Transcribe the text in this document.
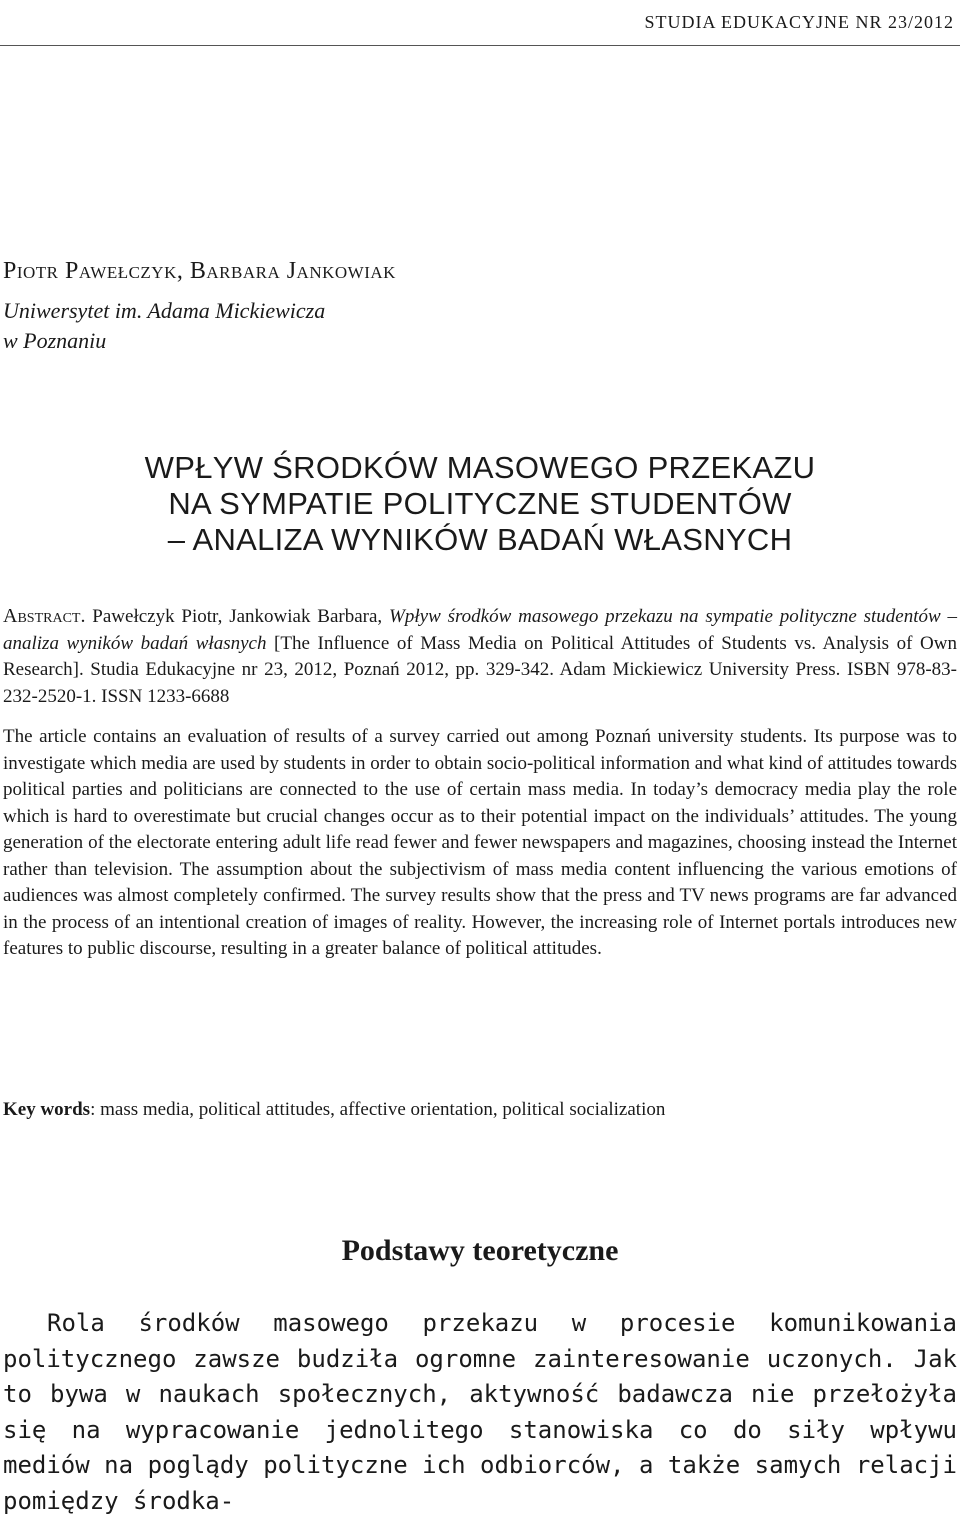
STUDIA EDUKACYJNE NR 23/2012
Piotr Pawełczyk, Barbara Jankowiak
Uniwersytet im. Adama Mickiewicza
w Poznaniu
WPŁYW ŚRODKÓW MASOWEGO PRZEKAZU
NA SYMPATIE POLITYCZNE STUDENTÓW
– ANALIZA WYNIKÓW BADAŃ WŁASNYCH

Abstract. Pawełczyk Piotr, Jankowiak Barbara, Wpływ środków masowego przekazu na sympatie polityczne studentów – analiza wyników badań własnych [The Influence of Mass Media on Political Attitudes of Students vs. Analysis of Own Research]. Studia Edukacyjne nr 23, 2012, Poznań 2012, pp. 329-342. Adam Mickiewicz University Press. ISBN 978-83-232-2520-1. ISSN 1233-6688

The article contains an evaluation of results of a survey carried out among Poznań university students. Its purpose was to investigate which media are used by students in order to obtain socio-political information and what kind of attitudes towards political parties and politicians are connected to the use of certain mass media. In today’s democracy media play the role which is hard to overestimate but crucial changes occur as to their potential impact on the individuals’ attitudes. The young generation of the electorate entering adult life read fewer and fewer newspapers and magazines, choosing instead the Internet rather than television. The assumption about the subjectivism of mass media content influencing the various emotions of audiences was almost completely confirmed. The survey results show that the press and TV news programs are far advanced in the process of an intentional creation of images of reality. However, the increasing role of Internet portals introduces new features to public discourse, resulting in a greater balance of political attitudes.

Key words: mass media, political attitudes, affective orientation, political socialization
Podstawy teoretyczne

Rola środków masowego przekazu w procesie komunikowania politycznego zawsze budziła ogromne zainteresowanie uczonych. Jak to bywa w naukach społecznych, aktywność badawcza nie przełożyła się na wypracowanie jednolitego stanowiska co do siły wpływu mediów na poglądy polityczne ich odbiorców, a także samych relacji pomiędzy środka-
